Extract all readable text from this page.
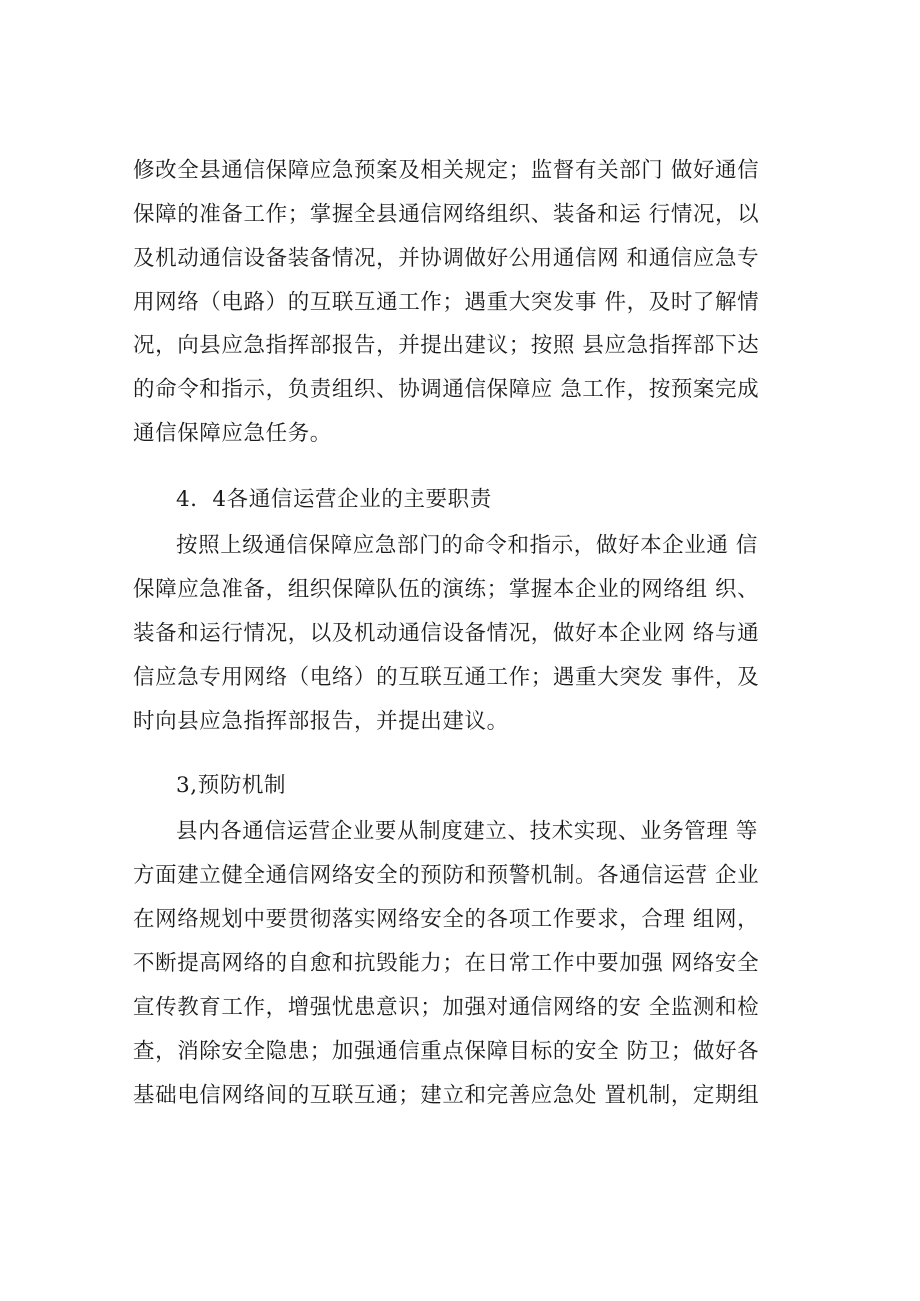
修改全县通信保障应急预案及相关规定；监督有关部门 做好通信
保障的准备工作；掌握全县通信网络组织、装备和运 行情况，以
及机动通信设备装备情况，并协调做好公用通信网 和通信应急专
用网络（电路）的互联互通工作；遇重大突发事 件，及时了解情
况，向县应急指挥部报告，并提出建议；按照 县应急指挥部下达
的命令和指示，负责组织、协调通信保障应 急工作，按预案完成
通信保障应急任务。
4．4各通信运营企业的主要职责
按照上级通信保障应急部门的命令和指示，做好本企业通 信
保障应急准备，组织保障队伍的演练；掌握本企业的网络组 织、
装备和运行情况，以及机动通信设备情况，做好本企业网 络与通
信应急专用网络（电络）的互联互通工作；遇重大突发 事件，及
时向县应急指挥部报告，并提出建议。
3,预防机制
县内各通信运营企业要从制度建立、技术实现、业务管理 等
方面建立健全通信网络安全的预防和预警机制。各通信运营 企业
在网络规划中要贯彻落实网络安全的各项工作要求，合理 组网，
不断提高网络的自愈和抗毁能力；在日常工作中要加强 网络安全
宣传教育工作，增强忧患意识；加强对通信网络的安 全监测和检
查，消除安全隐患；加强通信重点保障目标的安全 防卫；做好各
基础电信网络间的互联互通；建立和完善应急处 置机制，定期组
